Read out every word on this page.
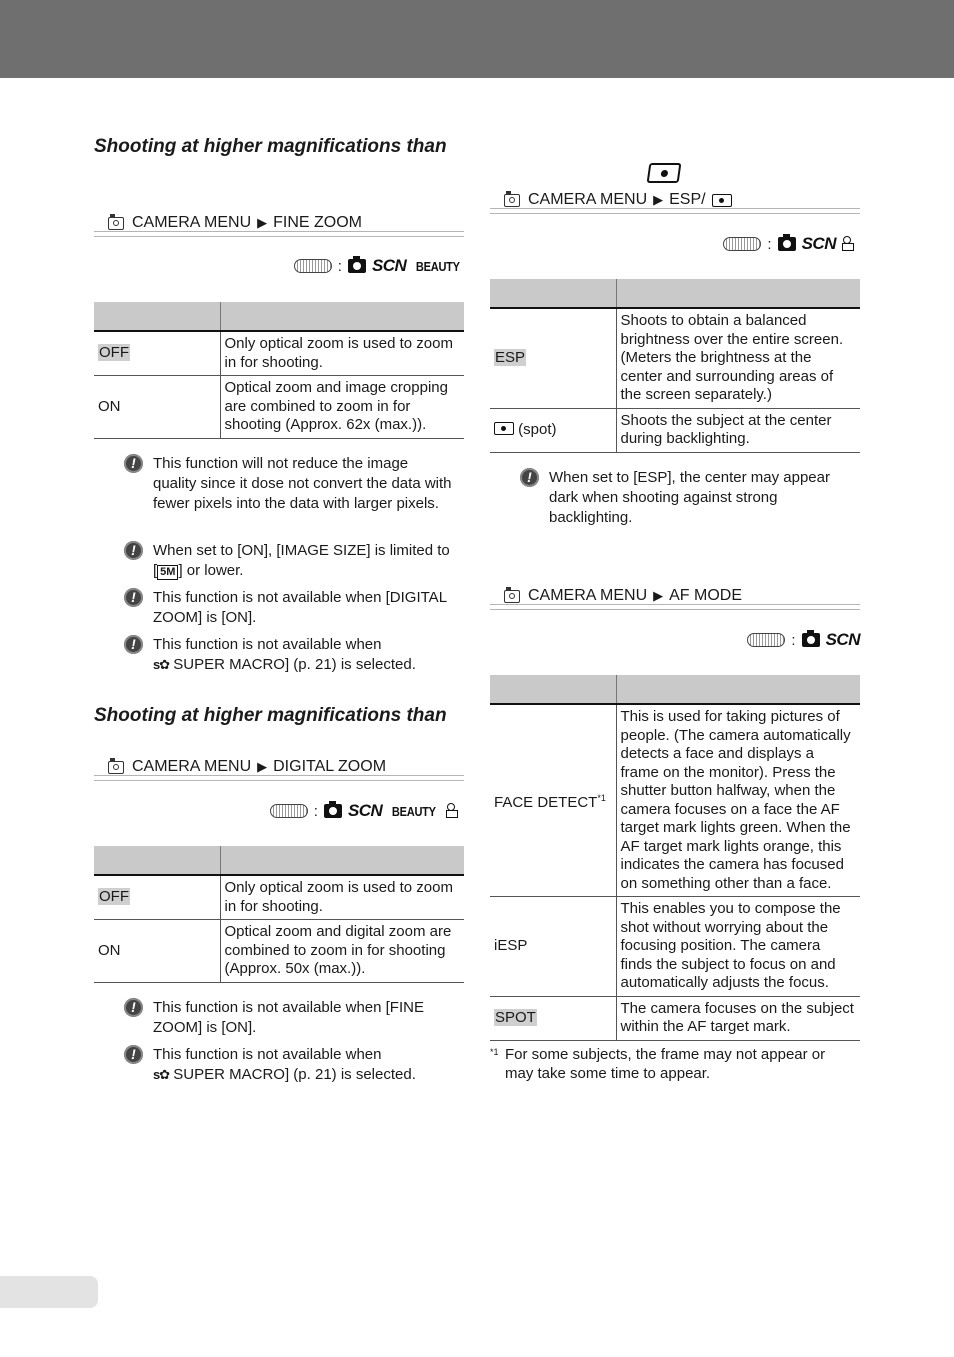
Shooting at higher magnifications than
CAMERA MENU ▶ FINE ZOOM
: SCN BEAUTY

OFF	Only optical zoom is used to zoom in for shooting.
ON	Optical zoom and image cropping are combined to zoom in for shooting (Approx. 62x (max.)).
!	This function will not reduce the image quality since it dose not convert the data with fewer pixels into the data with larger pixels.
!	When set to [ON], [IMAGE SIZE] is limited to [ 5M ] or lower.
!	This function is not available when [DIGITAL ZOOM] is [ON].
!	This function is not available when
s✿ SUPER MACRO] (p. 21) is selected.
Shooting at higher magnifications than
CAMERA MENU ▶ DIGITAL ZOOM
: SCN BEAUTY

OFF	Only optical zoom is used to zoom in for shooting.
ON	Optical zoom and digital zoom are combined to zoom in for shooting (Approx. 50x (max.)).
!	This function is not available when [FINE ZOOM] is [ON].
!	This function is not available when
s✿ SUPER MACRO] (p. 21) is selected.
CAMERA MENU ▶ ESP/
: SCN

ESP	Shoots to obtain a balanced brightness over the entire screen. (Meters the brightness at the center and surrounding areas of the screen separately.)
(spot)	Shoots the subject at the center during backlighting.
!	When set to [ESP], the center may appear dark when shooting against strong backlighting.
CAMERA MENU ▶ AF MODE
: SCN

FACE DETECT$^{*1}$	This is used for taking pictures of people. (The camera automatically detects a face and displays a frame on the monitor). Press the shutter button halfway, when the camera focuses on a face the AF target mark lights green. When the AF target mark lights orange, this indicates the camera has focused on something other than a face.
iESP	This enables you to compose the shot without worrying about the focusing position. The camera finds the subject to focus on and automatically adjusts the focus.
SPOT	The camera focuses on the subject within the AF target mark.
*1 For some subjects, the frame may not appear or may take some time to appear.
